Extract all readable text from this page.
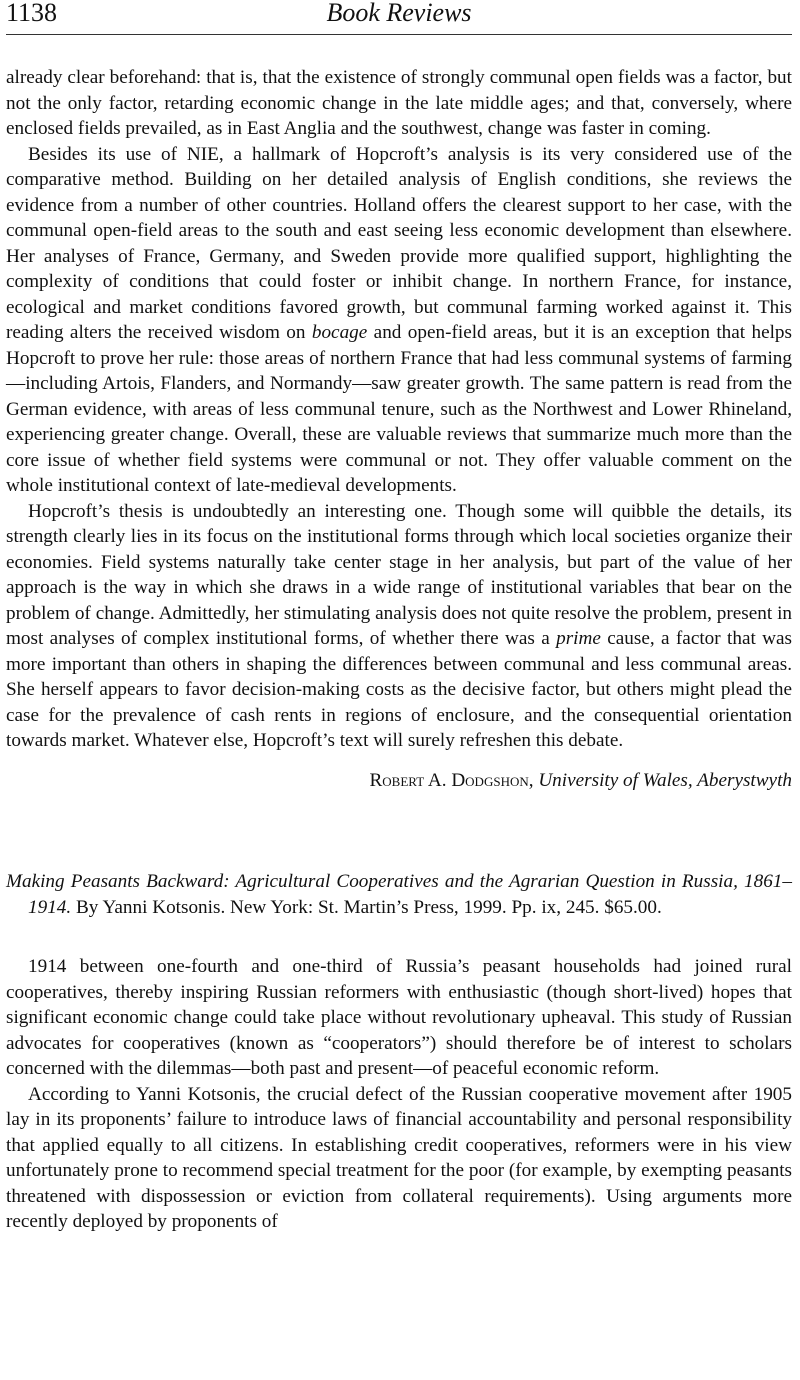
1138	Book Reviews

already clear beforehand: that is, that the existence of strongly communal open fields was a factor, but not the only factor, retarding economic change in the late middle ages; and that, conversely, where enclosed fields prevailed, as in East Anglia and the southwest, change was faster in coming.

Besides its use of NIE, a hallmark of Hopcroft’s analysis is its very considered use of the comparative method. Building on her detailed analysis of English conditions, she reviews the evidence from a number of other countries. Holland offers the clearest support to her case, with the communal open-field areas to the south and east seeing less economic development than elsewhere. Her analyses of France, Germany, and Sweden provide more qualified support, highlighting the complexity of conditions that could foster or inhibit change. In northern France, for instance, ecological and market conditions favored growth, but communal farming worked against it. This reading alters the received wisdom on bocage and open-field areas, but it is an exception that helps Hopcroft to prove her rule: those areas of northern France that had less communal systems of farming—including Artois, Flanders, and Normandy—saw greater growth. The same pattern is read from the German evidence, with areas of less communal tenure, such as the Northwest and Lower Rhineland, experiencing greater change. Overall, these are valuable reviews that summarize much more than the core issue of whether field systems were communal or not. They offer valuable comment on the whole institutional context of late-medieval developments.

Hopcroft’s thesis is undoubtedly an interesting one. Though some will quibble the details, its strength clearly lies in its focus on the institutional forms through which local societies organize their economies. Field systems naturally take center stage in her analysis, but part of the value of her approach is the way in which she draws in a wide range of institutional variables that bear on the problem of change. Admittedly, her stimulating analysis does not quite resolve the problem, present in most analyses of complex institutional forms, of whether there was a prime cause, a factor that was more important than others in shaping the differences between communal and less communal areas. She herself appears to favor decision-making costs as the decisive factor, but others might plead the case for the prevalence of cash rents in regions of enclosure, and the consequential orientation towards market. Whatever else, Hopcroft’s text will surely refreshen this debate.

Robert A. Dodgshon, University of Wales, Aberystwyth
Making Peasants Backward: Agricultural Cooperatives and the Agrarian Question in Russia, 1861–1914. By Yanni Kotsonis. New York: St. Martin’s Press, 1999. Pp. ix, 245. $65.00.

1914 between one-fourth and one-third of Russia’s peasant households had joined rural cooperatives, thereby inspiring Russian reformers with enthusiastic (though short-lived) hopes that significant economic change could take place without revolutionary upheaval. This study of Russian advocates for cooperatives (known as “cooperators”) should therefore be of interest to scholars concerned with the dilemmas—both past and present—of peaceful economic reform.

According to Yanni Kotsonis, the crucial defect of the Russian cooperative movement after 1905 lay in its proponents’ failure to introduce laws of financial accountability and personal responsibility that applied equally to all citizens. In establishing credit cooperatives, reformers were in his view unfortunately prone to recommend special treatment for the poor (for example, by exempting peasants threatened with dispossession or eviction from collateral requirements). Using arguments more recently deployed by proponents of
